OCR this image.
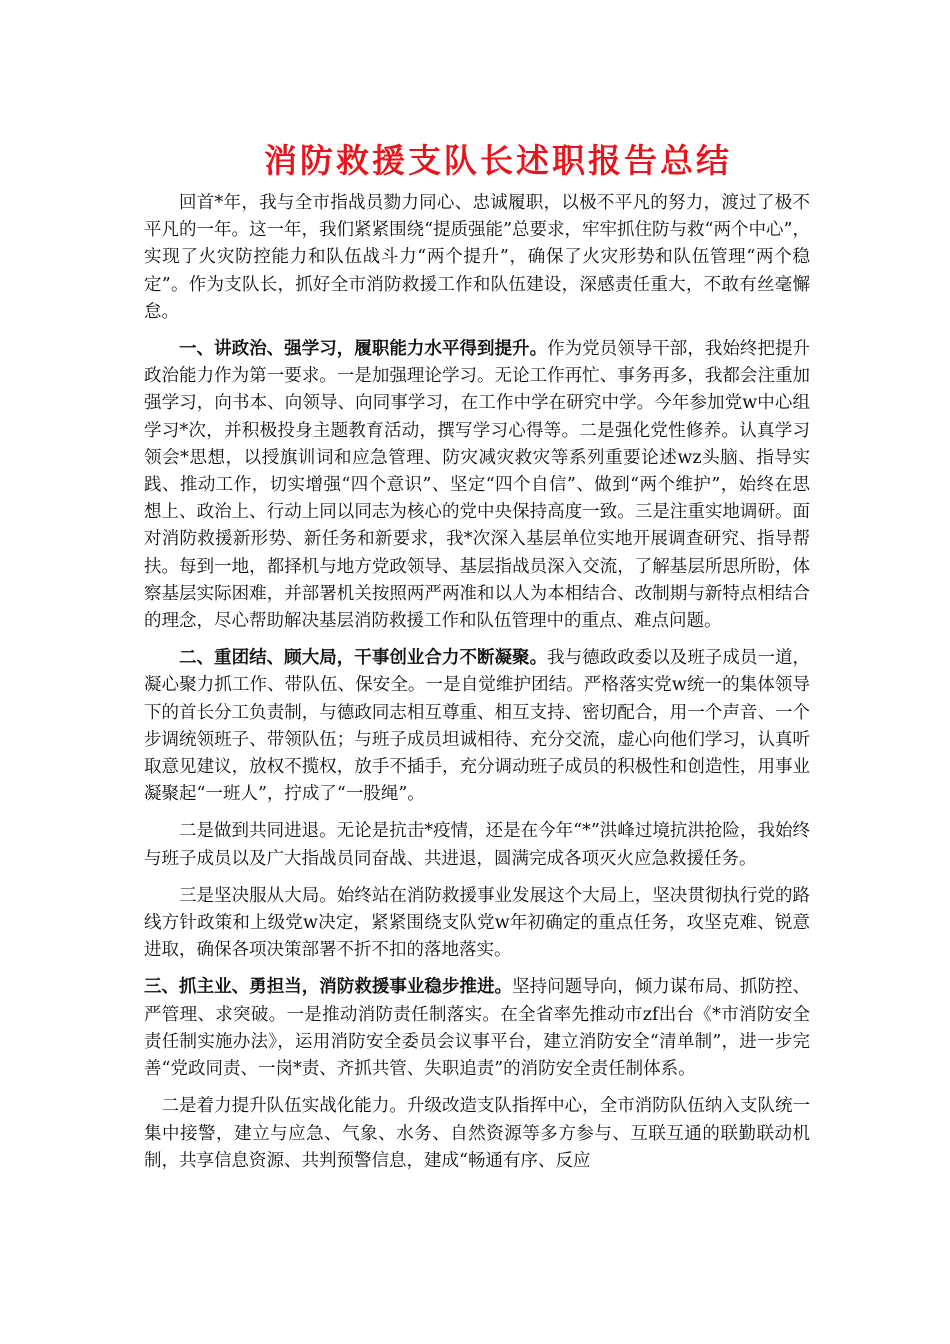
消防救援支队长述职报告总结

回首*年，我与全市指战员勠力同心、忠诚履职，以极不平凡的努力，渡过了极不平凡的一年。这一年，我们紧紧围绕“提质强能”总要求，牢牢抓住防与救“两个中心”，实现了火灾防控能力和队伍战斗力“两个提升”，确保了火灾形势和队伍管理“两个稳定”。作为支队长，抓好全市消防救援工作和队伍建设，深感责任重大，不敢有丝毫懈怠。

一、讲政治、强学习，履职能力水平得到提升。作为党员领导干部，我始终把提升政治能力作为第一要求。一是加强理论学习。无论工作再忙、事务再多，我都会注重加强学习，向书本、向领导、向同事学习，在工作中学在研究中学。今年参加党w中心组学习*次，并积极投身主题教育活动，撰写学习心得等。二是强化党性修养。认真学习领会*思想，以授旗训词和应急管理、防灾减灾救灾等系列重要论述wz头脑、指导实践、推动工作，切实增强“四个意识”、坚定“四个自信”、做到“两个维护”，始终在思想上、政治上、行动上同以同志为核心的党中央保持高度一致。三是注重实地调研。面对消防救援新形势、新任务和新要求，我*次深入基层单位实地开展调查研究、指导帮扶。每到一地，都择机与地方党政领导、基层指战员深入交流，了解基层所思所盼，体察基层实际困难，并部署机关按照两严两准和以人为本相结合、改制期与新特点相结合的理念，尽心帮助解决基层消防救援工作和队伍管理中的重点、难点问题。

二、重团结、顾大局，干事创业合力不断凝聚。我与德政政委以及班子成员一道，凝心聚力抓工作、带队伍、保安全。一是自觉维护团结。严格落实党w统一的集体领导下的首长分工负责制，与德政同志相互尊重、相互支持、密切配合，用一个声音、一个步调统领班子、带领队伍；与班子成员坦诚相待、充分交流，虚心向他们学习，认真听取意见建议，放权不揽权，放手不插手，充分调动班子成员的积极性和创造性，用事业凝聚起“一班人”，拧成了“一股绳”。

二是做到共同进退。无论是抗击*疫情，还是在今年“*”洪峰过境抗洪抢险，我始终与班子成员以及广大指战员同奋战、共进退，圆满完成各项灭火应急救援任务。

三是坚决服从大局。始终站在消防救援事业发展这个大局上，坚决贯彻执行党的路线方针政策和上级党w决定，紧紧围绕支队党w年初确定的重点任务，攻坚克难、锐意进取，确保各项决策部署不折不扣的落地落实。

三、抓主业、勇担当，消防救援事业稳步推进。坚持问题导向，倾力谋布局、抓防控、严管理、求突破。一是推动消防责任制落实。在全省率先推动市zf出台《*市消防安全责任制实施办法》，运用消防安全委员会议事平台，建立消防安全“清单制”，进一步完善“党政同责、一岗*责、齐抓共管、失职追责”的消防安全责任制体系。

二是着力提升队伍实战化能力。升级改造支队指挥中心，全市消防队伍纳入支队统一集中接警，建立与应急、气象、水务、自然资源等多方参与、互联互通的联勤联动机制，共享信息资源、共判预警信息，建成“畅通有序、反应
